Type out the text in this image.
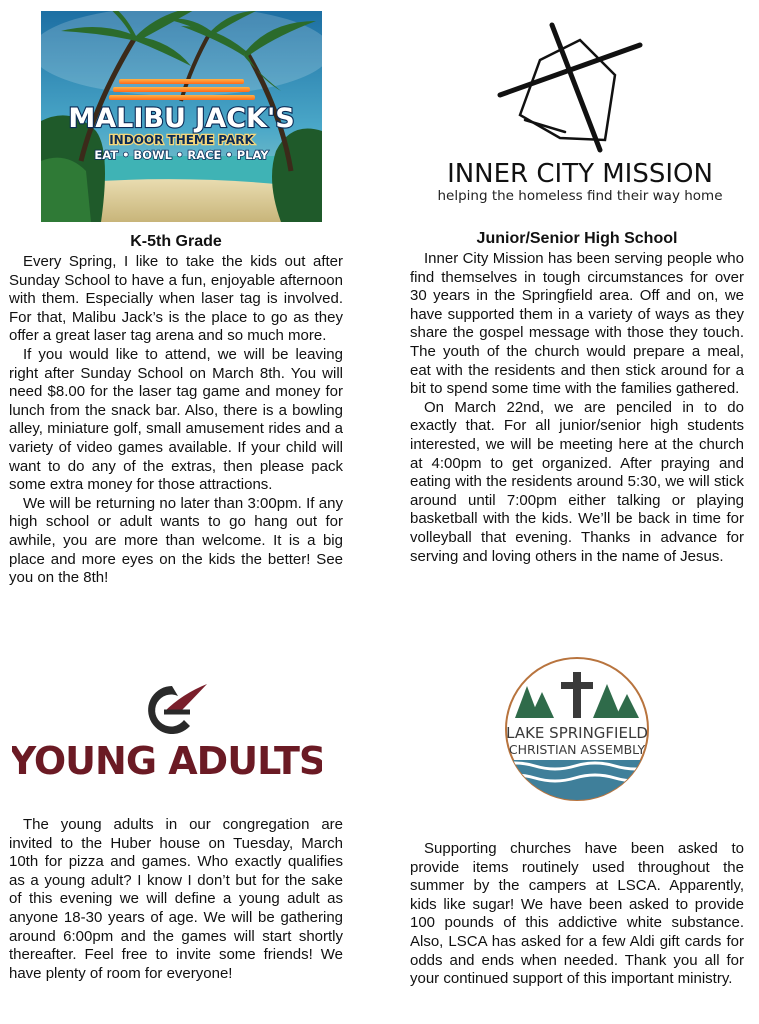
MALIBU JACK'S
INDOOR THEME PARK
EAT • BOWL • RACE • PLAY
INNER CITY MISSION
helping the homeless find their way home
YOUNG ADULTS
LAKE SPRINGFIELD
CHRISTIAN ASSEMBLY
K-5th Grade

Every Spring, I like to take the kids out after Sunday School to have a fun, enjoyable afternoon with them. Especially when laser tag is involved. For that, Malibu Jack’s is the place to go as they offer a great laser tag arena and so much more.

If you would like to attend, we will be leaving right after Sunday School on March 8th. You will need $8.00 for the laser tag game and money for lunch from the snack bar. Also, there is a bowling alley, miniature golf, small amusement rides and a variety of video games available. If your child will want to do any of the extras, then please pack some extra money for those attractions.

We will be returning no later than 3:00pm. If any high school or adult wants to go hang out for awhile, you are more than welcome. It is a big place and more eyes on the kids the better! See you on the 8th!

Junior/Senior High School

Inner City Mission has been serving people who find themselves in tough circumstances for over 30 years in the Springfield area. Off and on, we have supported them in a variety of ways as they share the gospel message with those they touch. The youth of the church would prepare a meal, eat with the residents and then stick around for a bit to spend some time with the families gathered.

On March 22nd, we are penciled in to do exactly that. For all junior/senior high students interested, we will be meeting here at the church at 4:00pm to get organized. After praying and eating with the residents around 5:30, we will stick around until 7:00pm either talking or playing basketball with the kids. We’ll be back in time for volleyball that evening. Thanks in advance for serving and loving others in the name of Jesus.

The young adults in our congregation are invited to the Huber house on Tuesday, March 10th for pizza and games. Who exactly qualifies as a young adult? I know I don’t but for the sake of this evening we will define a young adult as anyone 18-30 years of age. We will be gathering around 6:00pm and the games will start shortly thereafter. Feel free to invite some friends! We have plenty of room for everyone!

Supporting churches have been asked to provide items routinely used throughout the summer by the campers at LSCA. Apparently, kids like sugar! We have been asked to provide 100 pounds of this addictive white substance. Also, LSCA has asked for a few Aldi gift cards for odds and ends when needed. Thank you all for your continued support of this important ministry.
